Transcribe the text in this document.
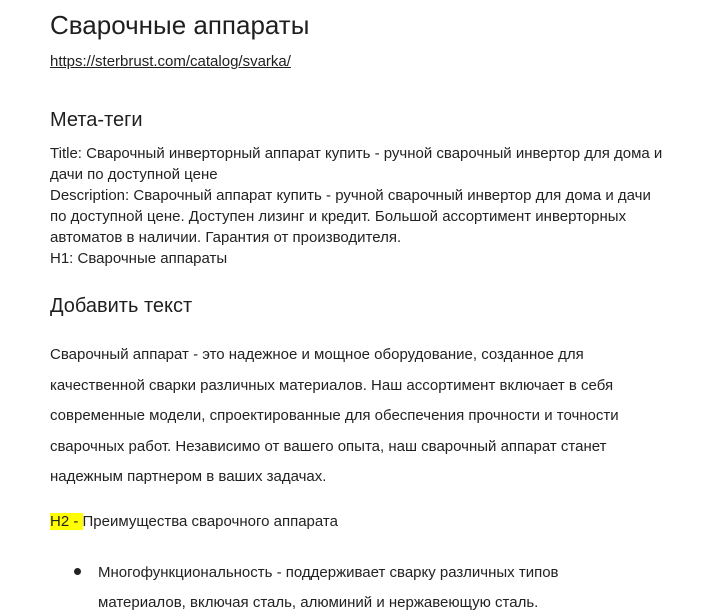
Сварочные аппараты
https://sterbrust.com/catalog/svarka/
Мета-теги
Title: Сварочный инверторный аппарат купить - ручной сварочный инвертор для дома и дачи по доступной цене
Description: Сварочный аппарат купить - ручной сварочный инвертор для дома и дачи по доступной цене. Доступен лизинг и кредит. Большой ассортимент инверторных автоматов в наличии. Гарантия от производителя.
H1: Сварочные аппараты
Добавить текст
Сварочный аппарат - это надежное и мощное оборудование, созданное для качественной сварки различных материалов. Наш ассортимент включает в себя современные модели, спроектированные для обеспечения прочности и точности сварочных работ. Независимо от вашего опыта, наш сварочный аппарат станет надежным партнером в ваших задачах.
H2 - Преимущества сварочного аппарата
Многофункциональность - поддерживает сварку различных типов
материалов, включая сталь, алюминий и нержавеющую сталь.
